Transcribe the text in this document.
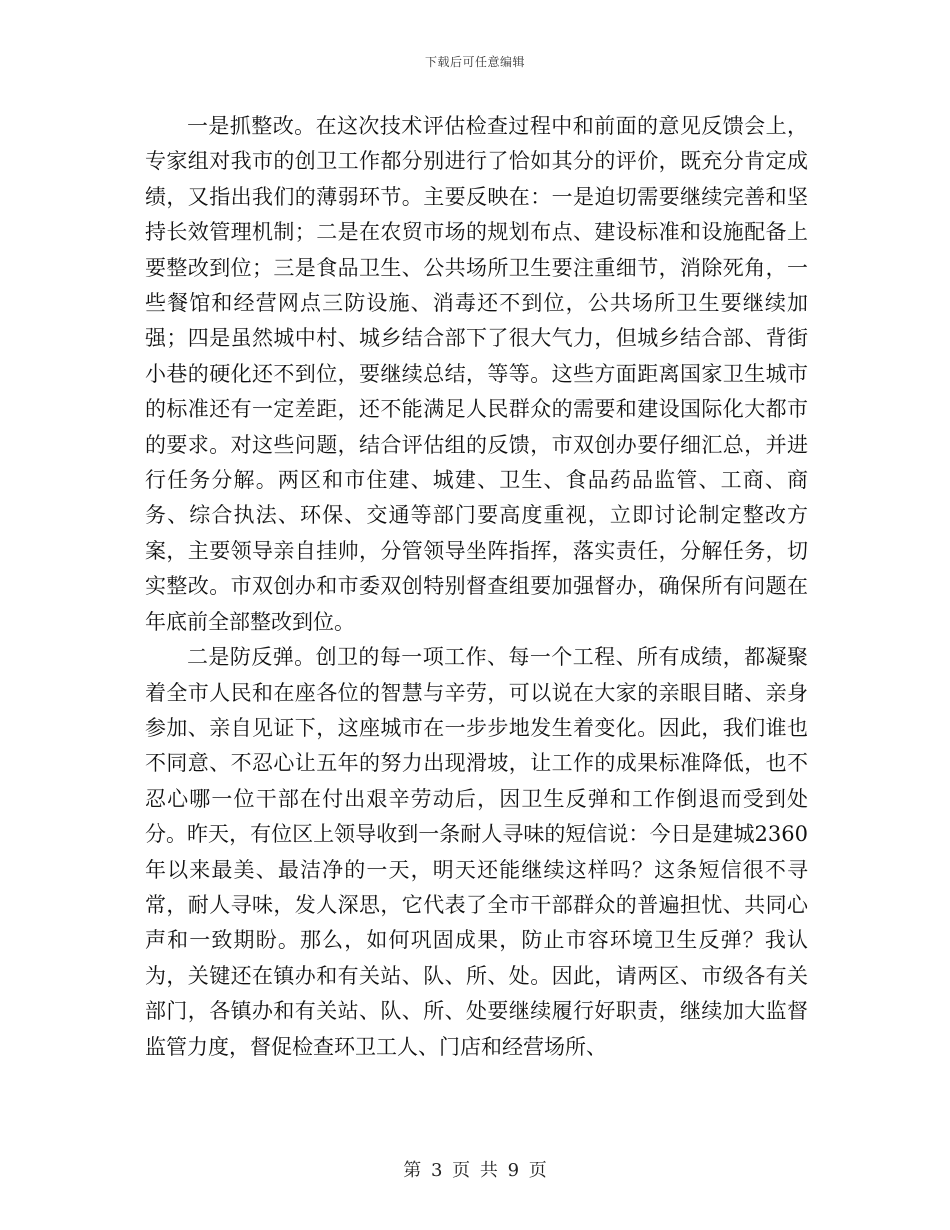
下载后可任意编辑

一是抓整改。在这次技术评估检查过程中和前面的意见反馈会上，专家组对我市的创卫工作都分别进行了恰如其分的评价，既充分肯定成绩，又指出我们的薄弱环节。主要反映在：一是迫切需要继续完善和坚持长效管理机制；二是在农贸市场的规划布点、建设标准和设施配备上要整改到位；三是食品卫生、公共场所卫生要注重细节，消除死角，一些餐馆和经营网点三防设施、消毒还不到位，公共场所卫生要继续加强；四是虽然城中村、城乡结合部下了很大气力，但城乡结合部、背街小巷的硬化还不到位，要继续总结，等等。这些方面距离国家卫生城市的标准还有一定差距，还不能满足人民群众的需要和建设国际化大都市的要求。对这些问题，结合评估组的反馈，市双创办要仔细汇总，并进行任务分解。两区和市住建、城建、卫生、食品药品监管、工商、商务、综合执法、环保、交通等部门要高度重视，立即讨论制定整改方案，主要领导亲自挂帅，分管领导坐阵指挥，落实责任，分解任务，切实整改。市双创办和市委双创特别督查组要加强督办，确保所有问题在年底前全部整改到位。

二是防反弹。创卫的每一项工作、每一个工程、所有成绩，都凝聚着全市人民和在座各位的智慧与辛劳，可以说在大家的亲眼目睹、亲身参加、亲自见证下，这座城市在一步步地发生着变化。因此，我们谁也不同意、不忍心让五年的努力出现滑坡，让工作的成果标准降低，也不忍心哪一位干部在付出艰辛劳动后，因卫生反弹和工作倒退而受到处分。昨天，有位区上领导收到一条耐人寻味的短信说：今日是建城2360年以来最美、最洁净的一天，明天还能继续这样吗？这条短信很不寻常，耐人寻味，发人深思，它代表了全市干部群众的普遍担忧、共同心声和一致期盼。那么，如何巩固成果，防止市容环境卫生反弹？我认为，关键还在镇办和有关站、队、所、处。因此，请两区、市级各有关部门，各镇办和有关站、队、所、处要继续履行好职责，继续加大监督监管力度，督促检查环卫工人、门店和经营场所、

第 3 页 共 9 页
